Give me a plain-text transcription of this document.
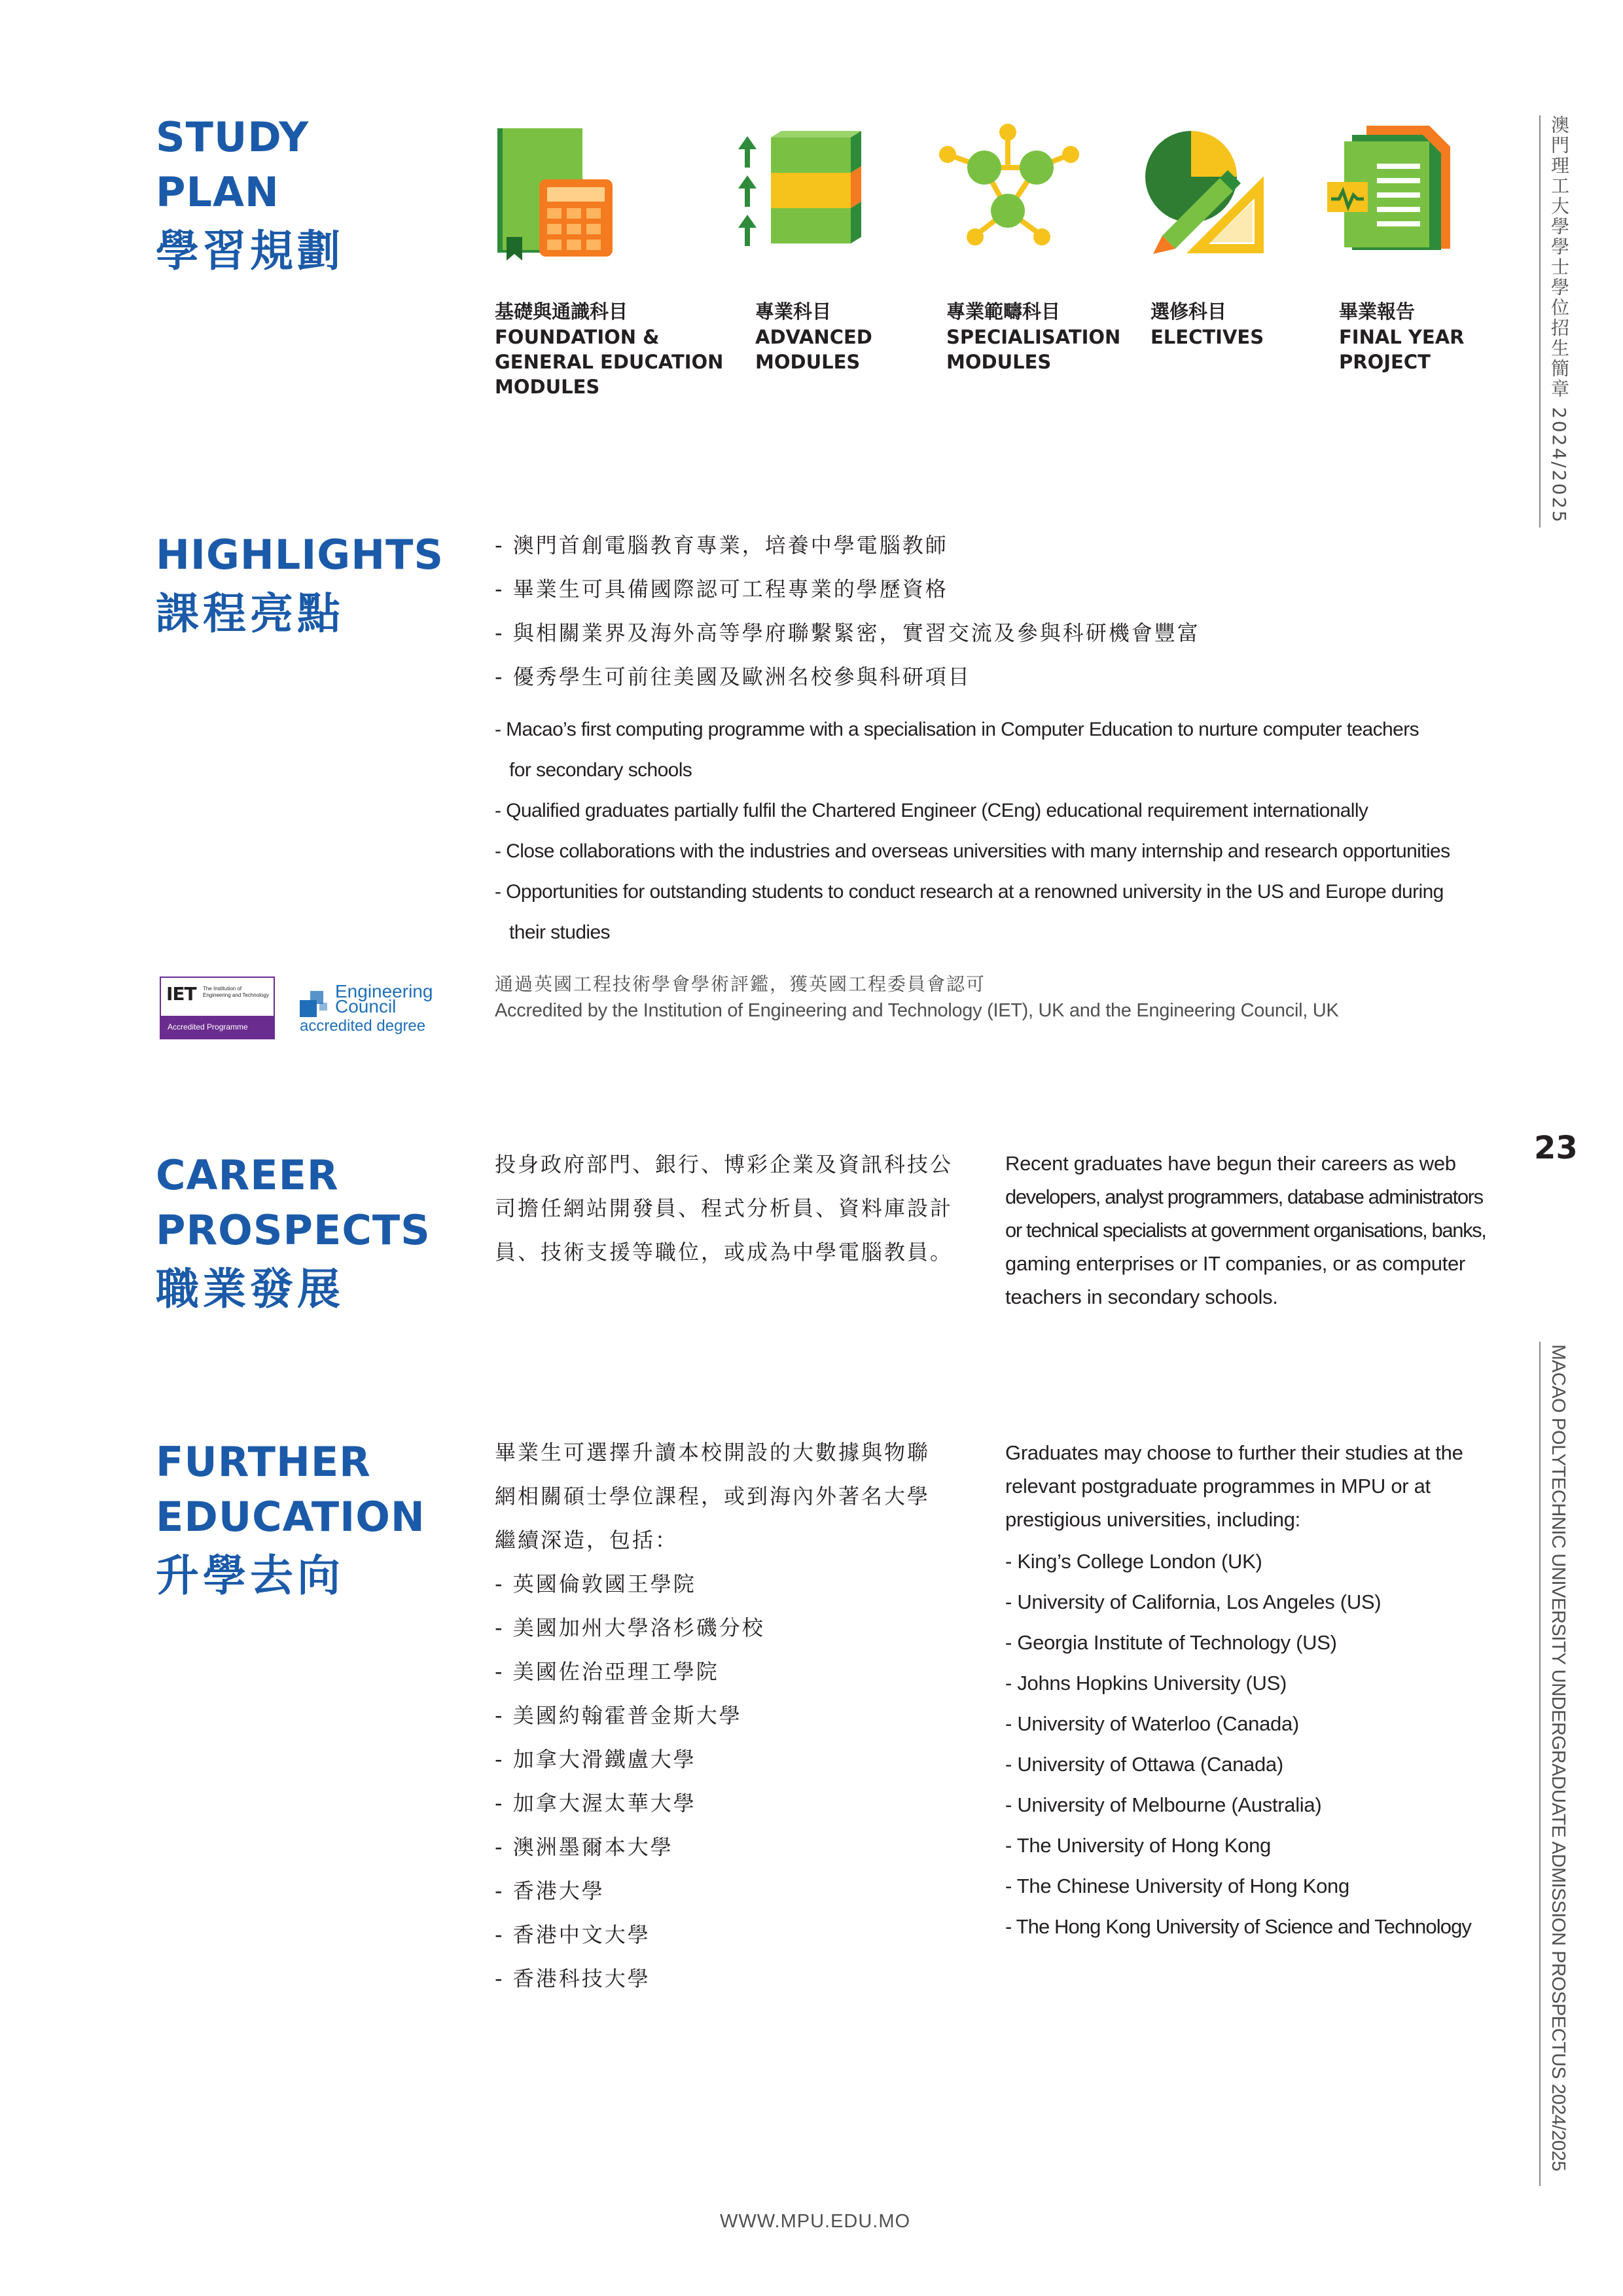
STUDY
PLAN
學習規劃
基礎與通識科目
FOUNDATION &
GENERAL EDUCATION
MODULES
專業科目
ADVANCED
MODULES
專業範疇科目
SPECIALISATION
MODULES
選修科目
ELECTIVES
畢業報告
FINAL YEAR
PROJECT
HIGHLIGHTS
課程亮點
- 澳門首創電腦教育專業，培養中學電腦教師
- 畢業生可具備國際認可工程專業的學歷資格
- 與相關業界及海外高等學府聯繫緊密，實習交流及參與科研機會豐富
- 優秀學生可前往美國及歐洲名校參與科研項目
- Macao’s first computing programme with a specialisation in Computer Education to nurture computer teachers
for secondary schools
- Qualified graduates partially fulfil the Chartered Engineer (CEng) educational requirement internationally
- Close collaborations with the industries and overseas universities with many internship and research opportunities
- Opportunities for outstanding students to conduct research at a renowned university in the US and Europe during
their studies
IET The Institution of
Engineering and Technology
Accredited Programme
Engineering
Council
accredited degree
通過英國工程技術學會學術評鑑，獲英國工程委員會認可
Accredited by the Institution of Engineering and Technology (IET), UK and the Engineering Council, UK
CAREER
PROSPECTS
職業發展
投身政府部門、銀行、博彩企業及資訊科技公
司擔任網站開發員、程式分析員、資料庫設計
員、技術支援等職位，或成為中學電腦教員。
Recent graduates have begun their careers as web
developers, analyst programmers, database administrators
or technical specialists at government organisations, banks,
gaming enterprises or IT companies, or as computer
teachers in secondary schools.
FURTHER
EDUCATION
升學去向
畢業生可選擇升讀本校開設的大數據與物聯
網相關碩士學位課程，或到海內外著名大學
繼續深造，包括：
- 英國倫敦國王學院
- 美國加州大學洛杉磯分校
- 美國佐治亞理工學院
- 美國約翰霍普金斯大學
- 加拿大滑鐵盧大學
- 加拿大渥太華大學
- 澳洲墨爾本大學
- 香港大學
- 香港中文大學
- 香港科技大學
Graduates may choose to further their studies at the
relevant postgraduate programmes in MPU or at
prestigious universities, including:
- King’s College London (UK)
- University of California, Los Angeles (US)
- Georgia Institute of Technology (US)
- Johns Hopkins University (US)
- University of Waterloo (Canada)
- University of Ottawa (Canada)
- University of Melbourne (Australia)
- The University of Hong Kong
- The Chinese University of Hong Kong
- The Hong Kong University of Science and Technology
澳門理工大學學士學位招生簡章 2024/2025
23
MACAO POLYTECHNIC UNIVERSITY UNDERGRADUATE ADMISSION PROSPECTUS 2024/2025
WWW.MPU.EDU.MO
